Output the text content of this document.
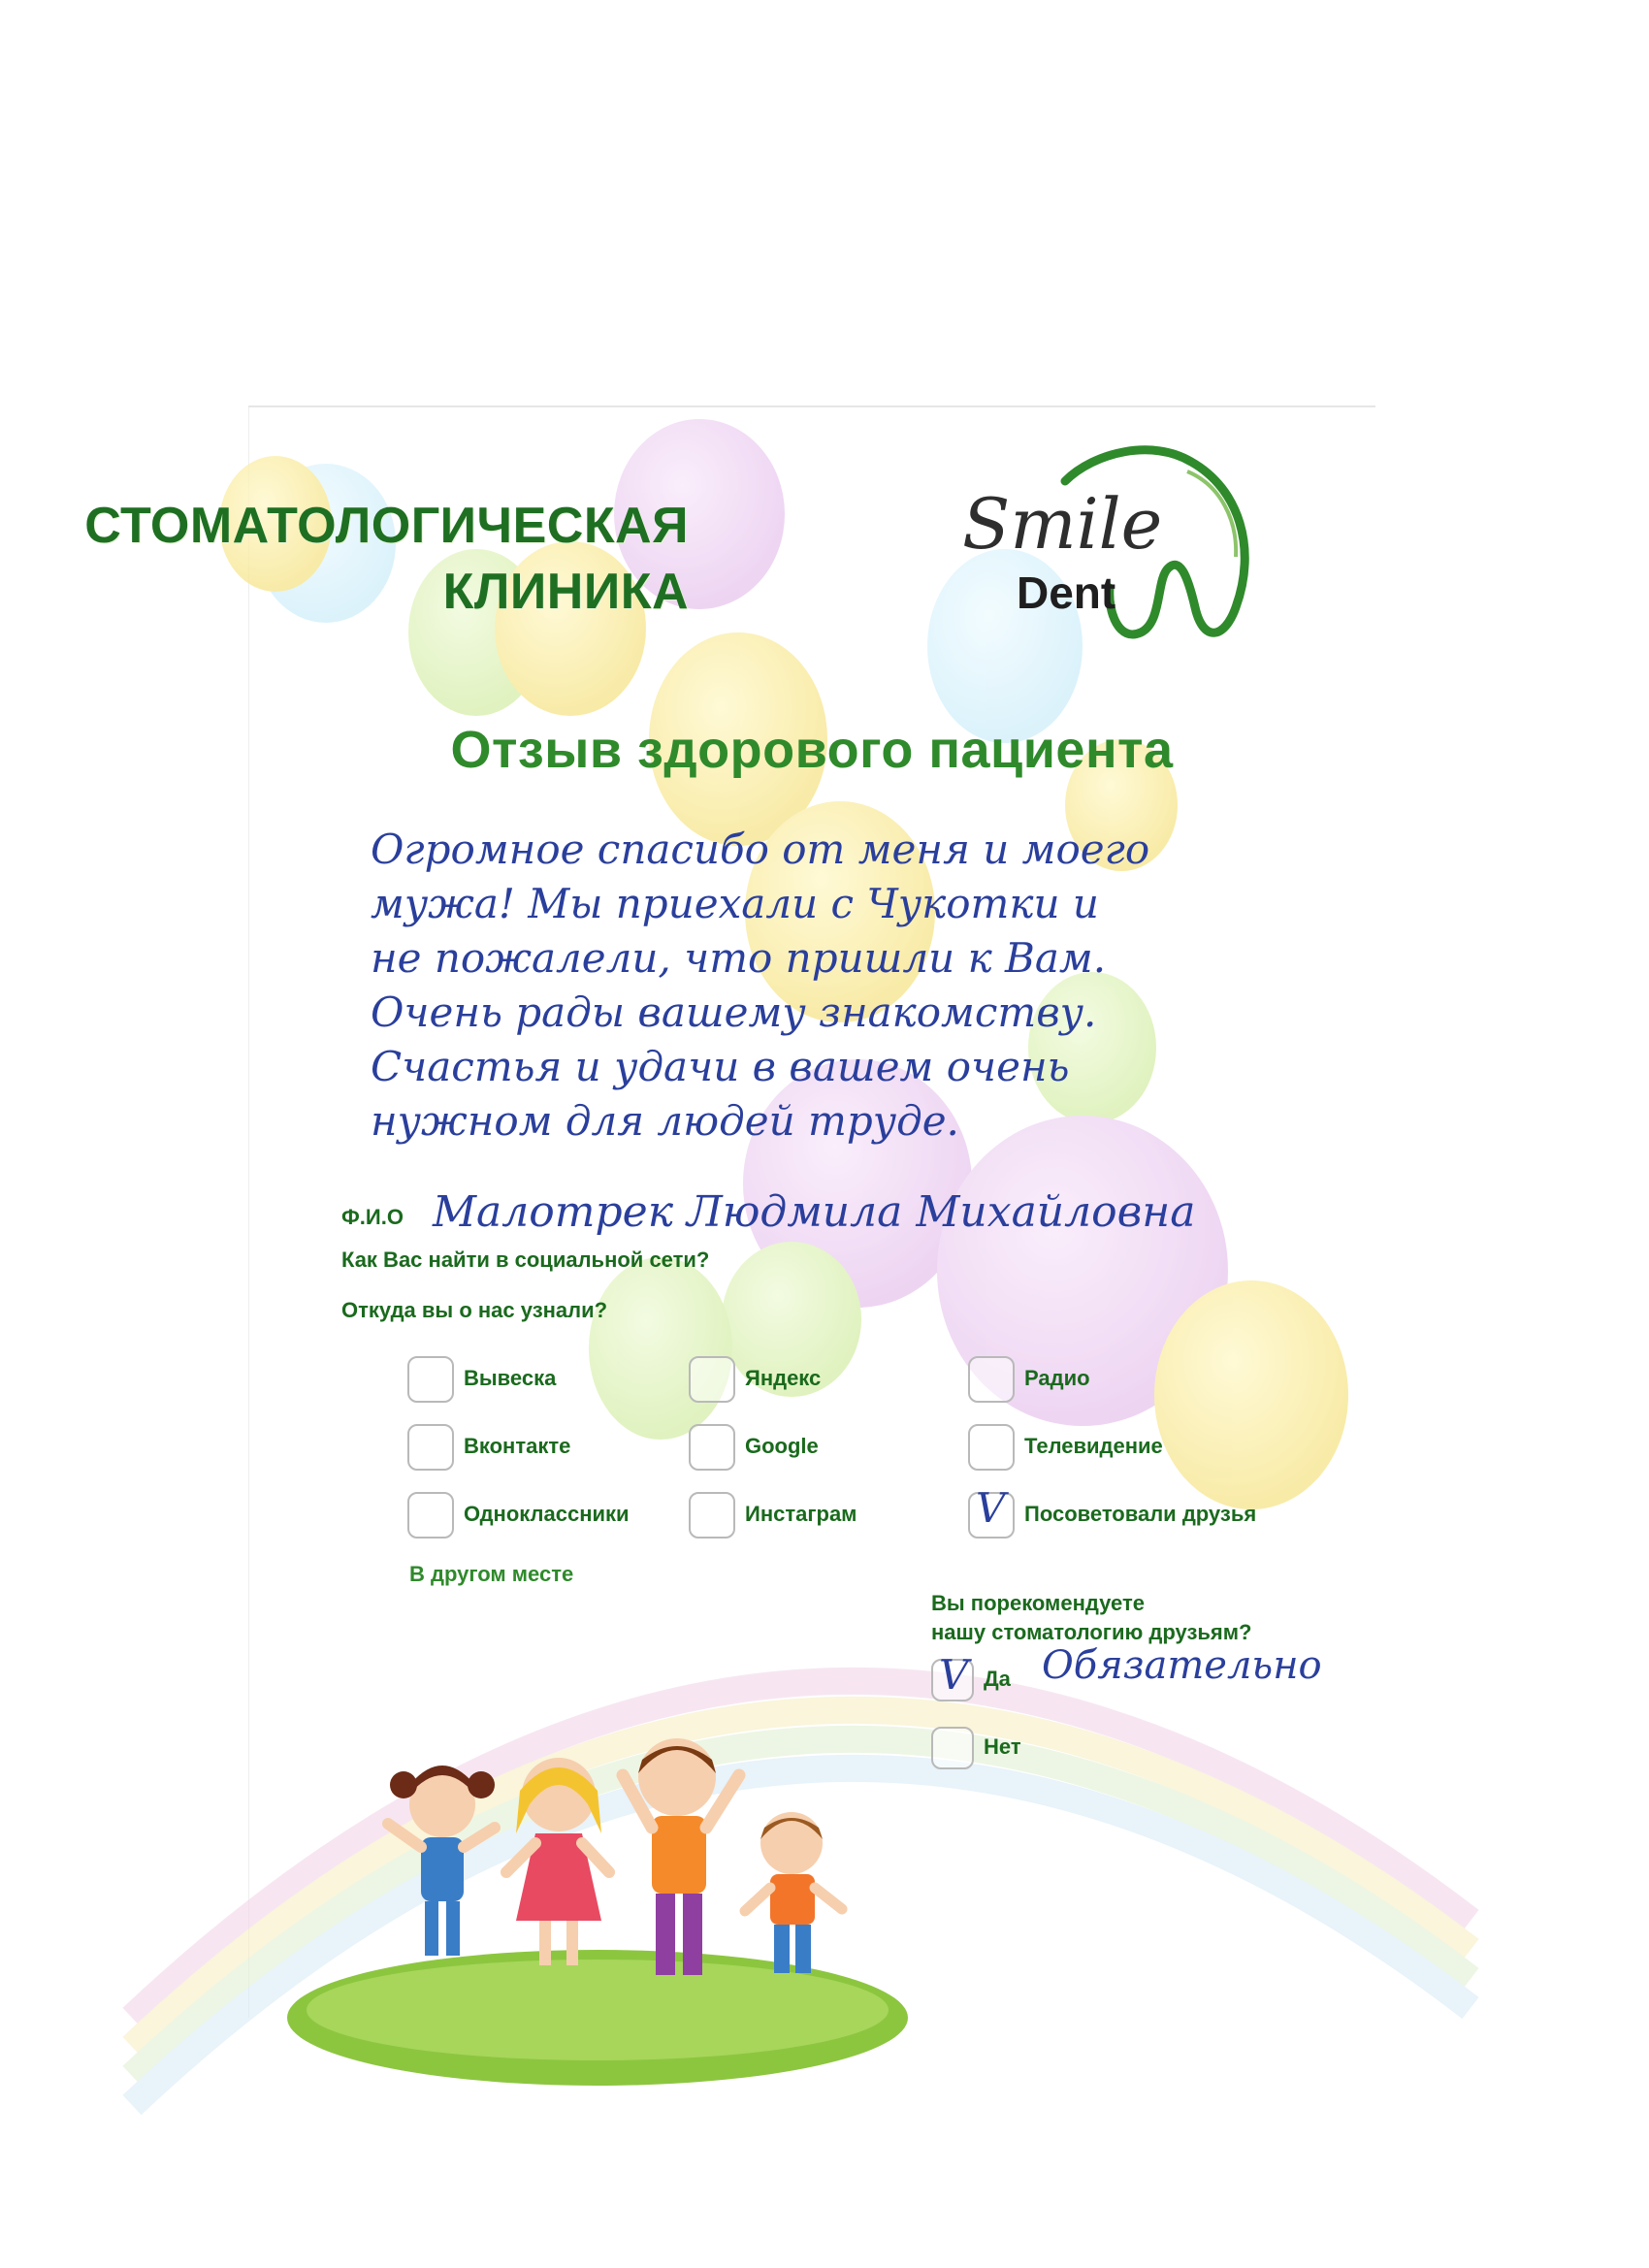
СТОМАТОЛОГИЧЕСКАЯ
КЛИНИКА
Smile
Dent
Отзыв здорового пациента
Огромное спасибо от меня и моего
мужа! Мы приехали с Чукотки и
не пожалели, что пришли к Вам.
Очень рады вашему знакомству.
Счастья и удачи в вашем очень
нужном для людей труде.
Ф.И.О Малотрек Людмила Михайловна
Как Вас найти в социальной сети?
Откуда вы о нас узнали?
Вывеска	Яндекс	Радио
Вконтакте	Google	Телевидение
Одноклассники	Инстаграм	V Посоветовали друзья
В другом месте
Вы порекомендуете
нашу стоматологию друзьям?
V Да Обязательно
Нет
